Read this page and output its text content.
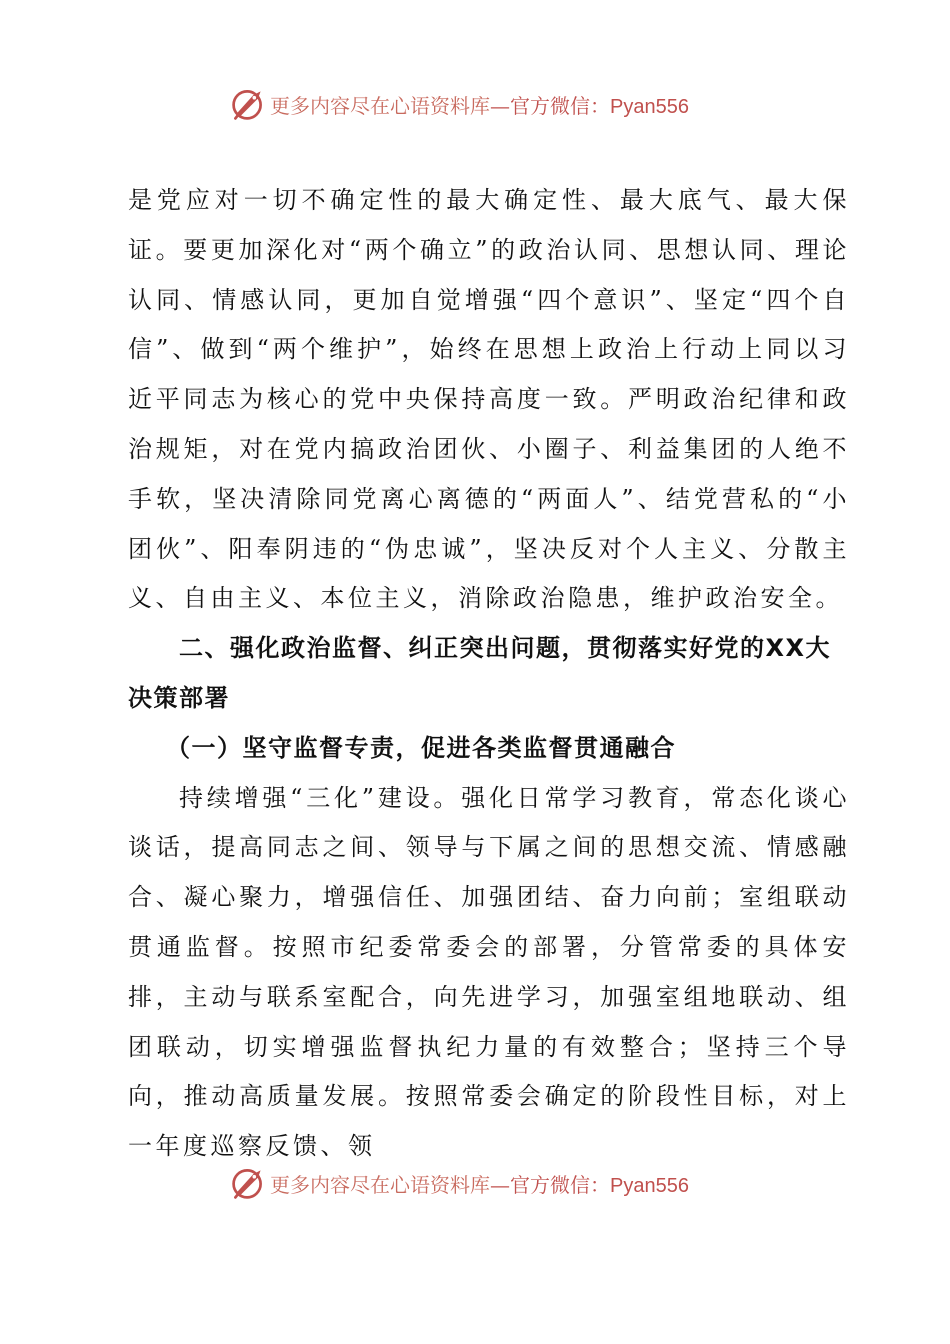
更多内容尽在心语资料库—官方微信：Pyan556

是党应对一切不确定性的最大确定性、最大底气、最大保证。要更加深化对“两个确立”的政治认同、思想认同、理论认同、情感认同，更加自觉增强“四个意识”、坚定“四个自信”、做到“两个维护”，始终在思想上政治上行动上同以习近平同志为核心的党中央保持高度一致。严明政治纪律和政治规矩，对在党内搞政治团伙、小圈子、利益集团的人绝不手软，坚决清除同党离心离德的“两面人”、结党营私的“小团伙”、阳奉阴违的“伪忠诚”，坚决反对个人主义、分散主义、自由主义、本位主义，消除政治隐患，维护政治安全。

二、强化政治监督、纠正突出问题，贯彻落实好党的XX大决策部署

（一）坚守监督专责，促进各类监督贯通融合

持续增强“三化”建设。强化日常学习教育，常态化谈心谈话，提高同志之间、领导与下属之间的思想交流、情感融合、凝心聚力，增强信任、加强团结、奋力向前；室组联动贯通监督。按照市纪委常委会的部署，分管常委的具体安排，主动与联系室配合，向先进学习，加强室组地联动、组团联动，切实增强监督执纪力量的有效整合；坚持三个导向，推动高质量发展。按照常委会确定的阶段性目标，对上一年度巡察反馈、领

更多内容尽在心语资料库—官方微信：Pyan556
